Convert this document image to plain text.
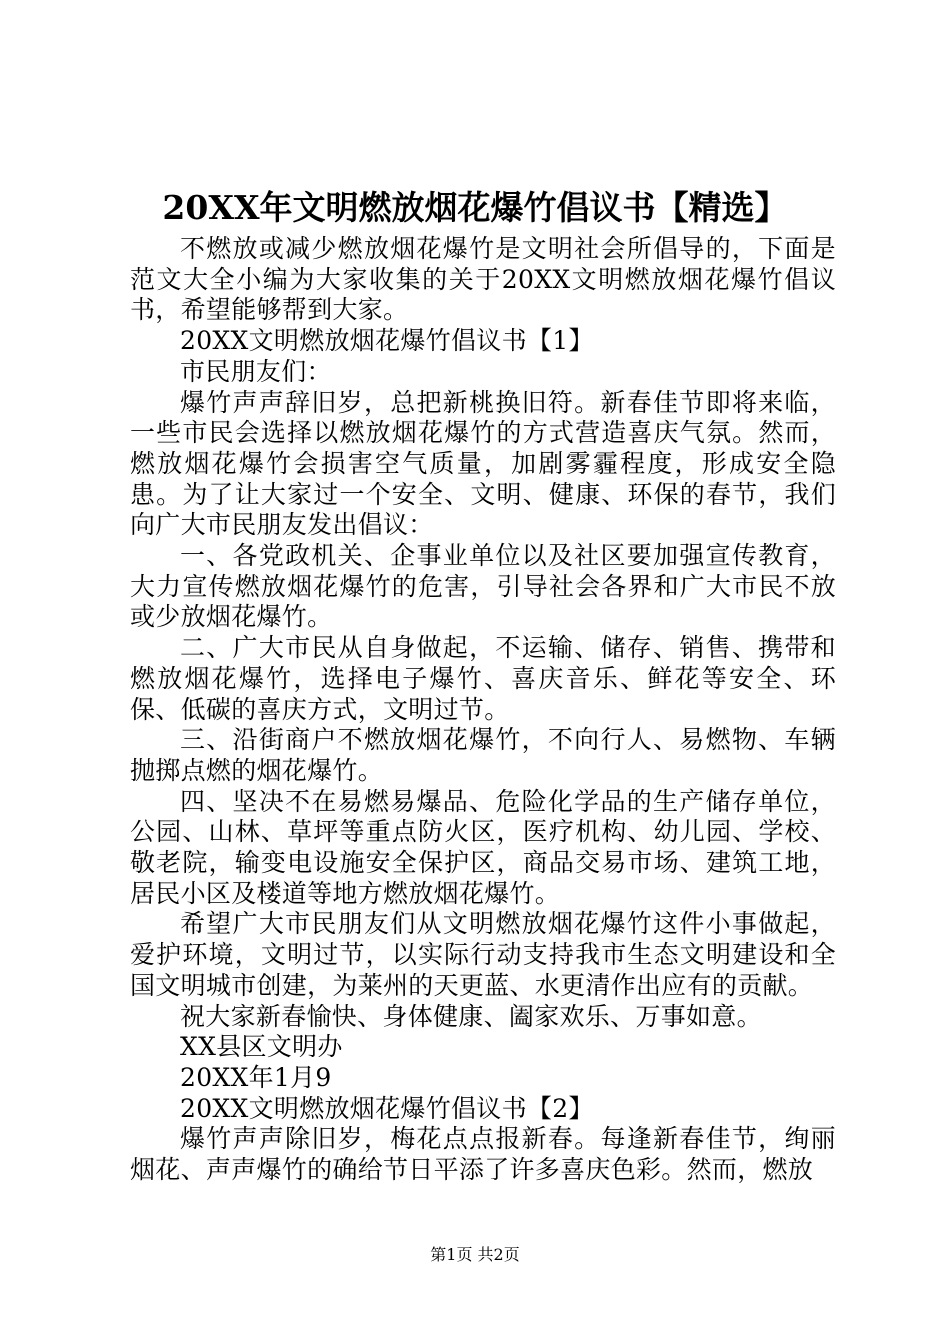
20XX年文明燃放烟花爆竹倡议书【精选】

不燃放或减少燃放烟花爆竹是文明社会所倡导的，下面是范文大全小编为大家收集的关于20XX文明燃放烟花爆竹倡议书，希望能够帮到大家。

20XX文明燃放烟花爆竹倡议书【1】

市民朋友们：

爆竹声声辞旧岁，总把新桃换旧符。新春佳节即将来临，一些市民会选择以燃放烟花爆竹的方式营造喜庆气氛。然而，燃放烟花爆竹会损害空气质量，加剧雾霾程度，形成安全隐患。为了让大家过一个安全、文明、健康、环保的春节，我们向广大市民朋友发出倡议：

一、各党政机关、企事业单位以及社区要加强宣传教育，大力宣传燃放烟花爆竹的危害，引导社会各界和广大市民不放或少放烟花爆竹。

二、广大市民从自身做起，不运输、储存、销售、携带和燃放烟花爆竹，选择电子爆竹、喜庆音乐、鲜花等安全、环保、低碳的喜庆方式，文明过节。

三、沿街商户不燃放烟花爆竹，不向行人、易燃物、车辆抛掷点燃的烟花爆竹。

四、坚决不在易燃易爆品、危险化学品的生产储存单位，公园、山林、草坪等重点防火区，医疗机构、幼儿园、学校、敬老院，输变电设施安全保护区，商品交易市场、建筑工地，居民小区及楼道等地方燃放烟花爆竹。

希望广大市民朋友们从文明燃放烟花爆竹这件小事做起，爱护环境，文明过节，以实际行动支持我市生态文明建设和全国文明城市创建，为莱州的天更蓝、水更清作出应有的贡献。

祝大家新春愉快、身体健康、阖家欢乐、万事如意。

XX县区文明办

20XX年1月9

20XX文明燃放烟花爆竹倡议书【2】

爆竹声声除旧岁，梅花点点报新春。每逢新春佳节，绚丽烟花、声声爆竹的确给节日平添了许多喜庆色彩。然而，燃放

第1页 共2页
